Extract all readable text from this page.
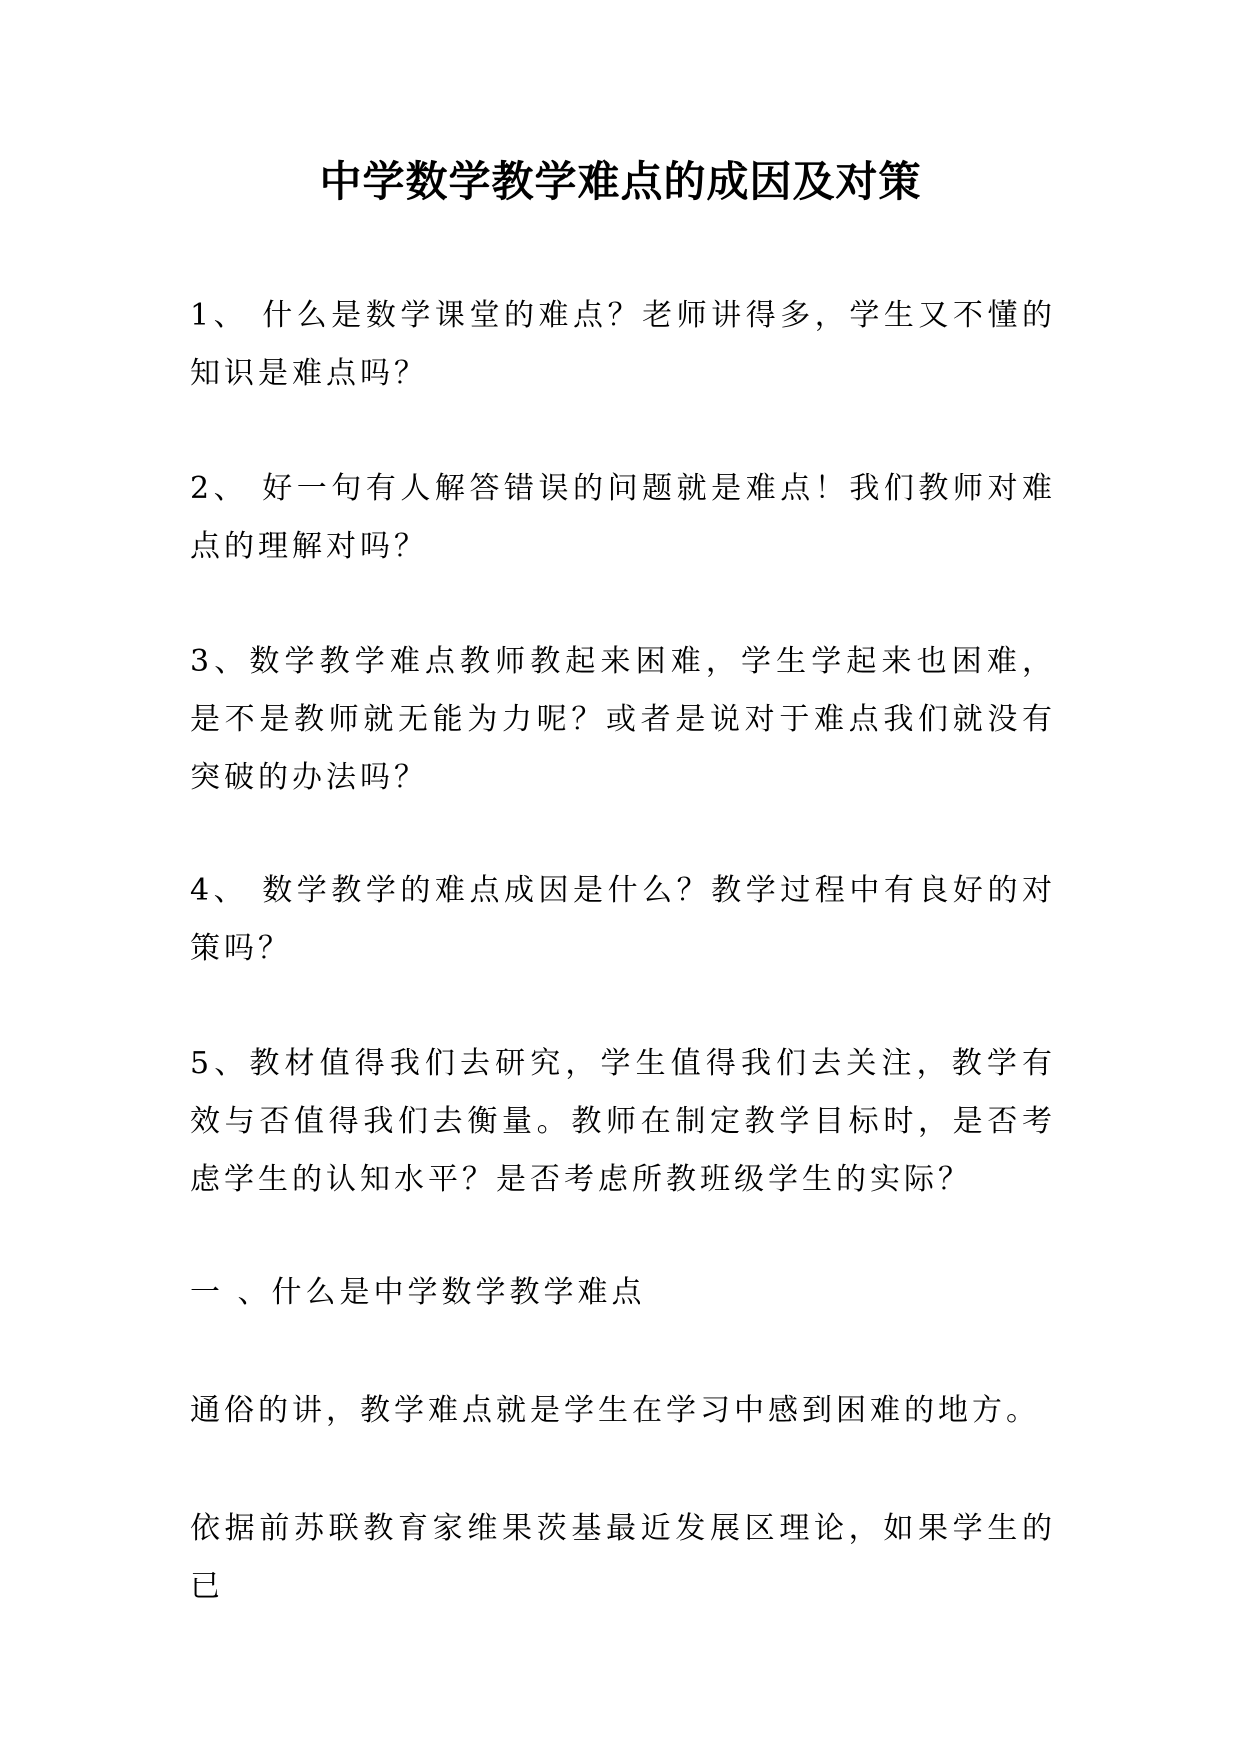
中学数学教学难点的成因及对策

1、 什么是数学课堂的难点？老师讲得多，学生又不懂的知识是难点吗？

2、 好一句有人解答错误的问题就是难点！我们教师对难点的理解对吗？

3、数学教学难点教师教起来困难，学生学起来也困难，是不是教师就无能为力呢？或者是说对于难点我们就没有突破的办法吗？

4、 数学教学的难点成因是什么？教学过程中有良好的对策吗？

5、教材值得我们去研究，学生值得我们去关注，教学有效与否值得我们去衡量。教师在制定教学目标时，是否考虑学生的认知水平？是否考虑所教班级学生的实际？

一 、什么是中学数学教学难点

通俗的讲，教学难点就是学生在学习中感到困难的地方。

依据前苏联教育家维果茨基最近发展区理论，如果学生的已
